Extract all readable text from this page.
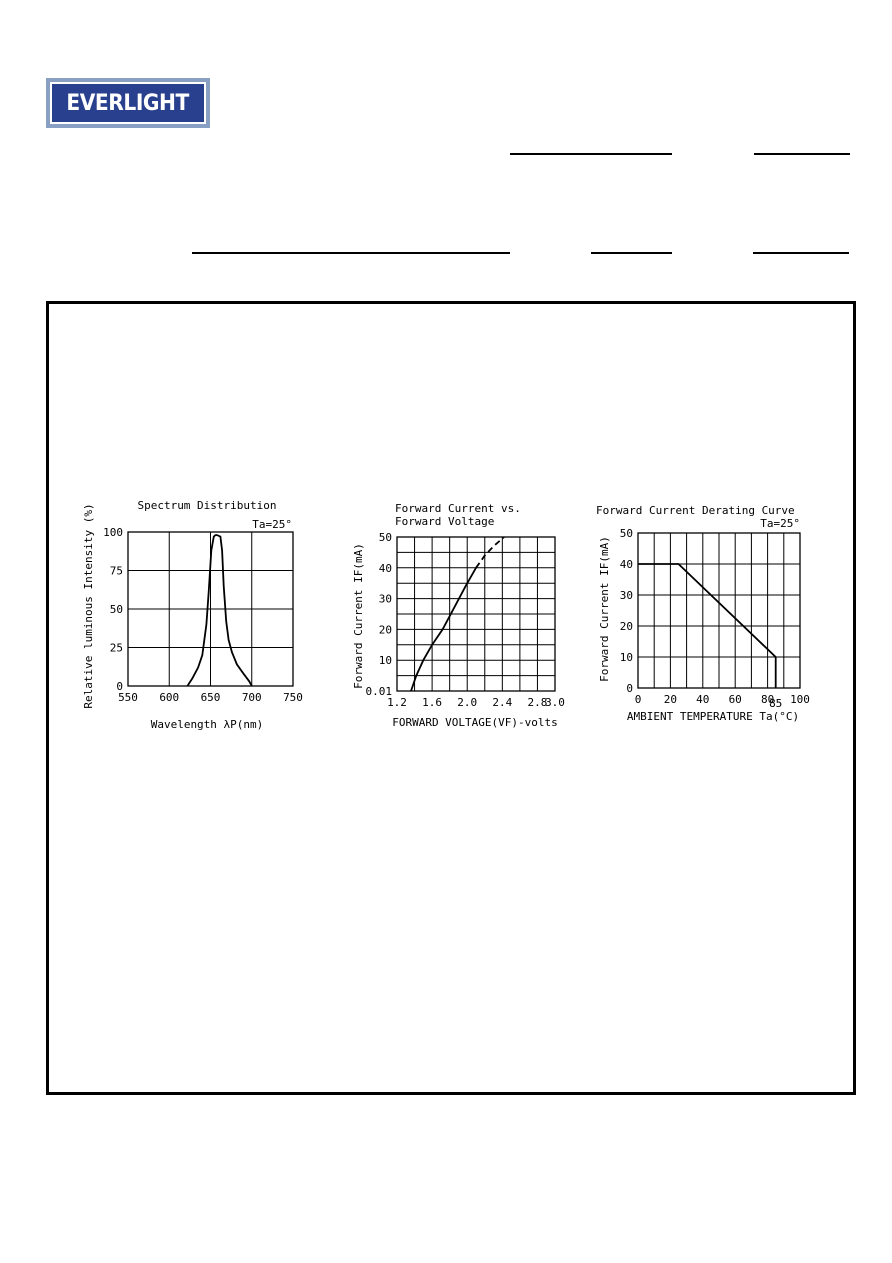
EVERLIGHT
Spectrum Distribution
Ta=25°
550 600 650 700 750
100
75
50
25
0
Wavelength λP(nm)
Relative luminous Intensity (%)	Forward Current vs.
Forward Voltage
1.2 1.6 2.0 2.4 2.8
3.0
50
40
30
20
10
0.01
FORWARD VOLTAGE(VF)-volts
Forward Current IF(mA)
Forward Current Derating Curve
Ta=25°
0 20 40 60 80 100
85
50
40
30
20
10
0
AMBIENT TEMPERATURE Ta(°C)
Forward Current IF(mA)
